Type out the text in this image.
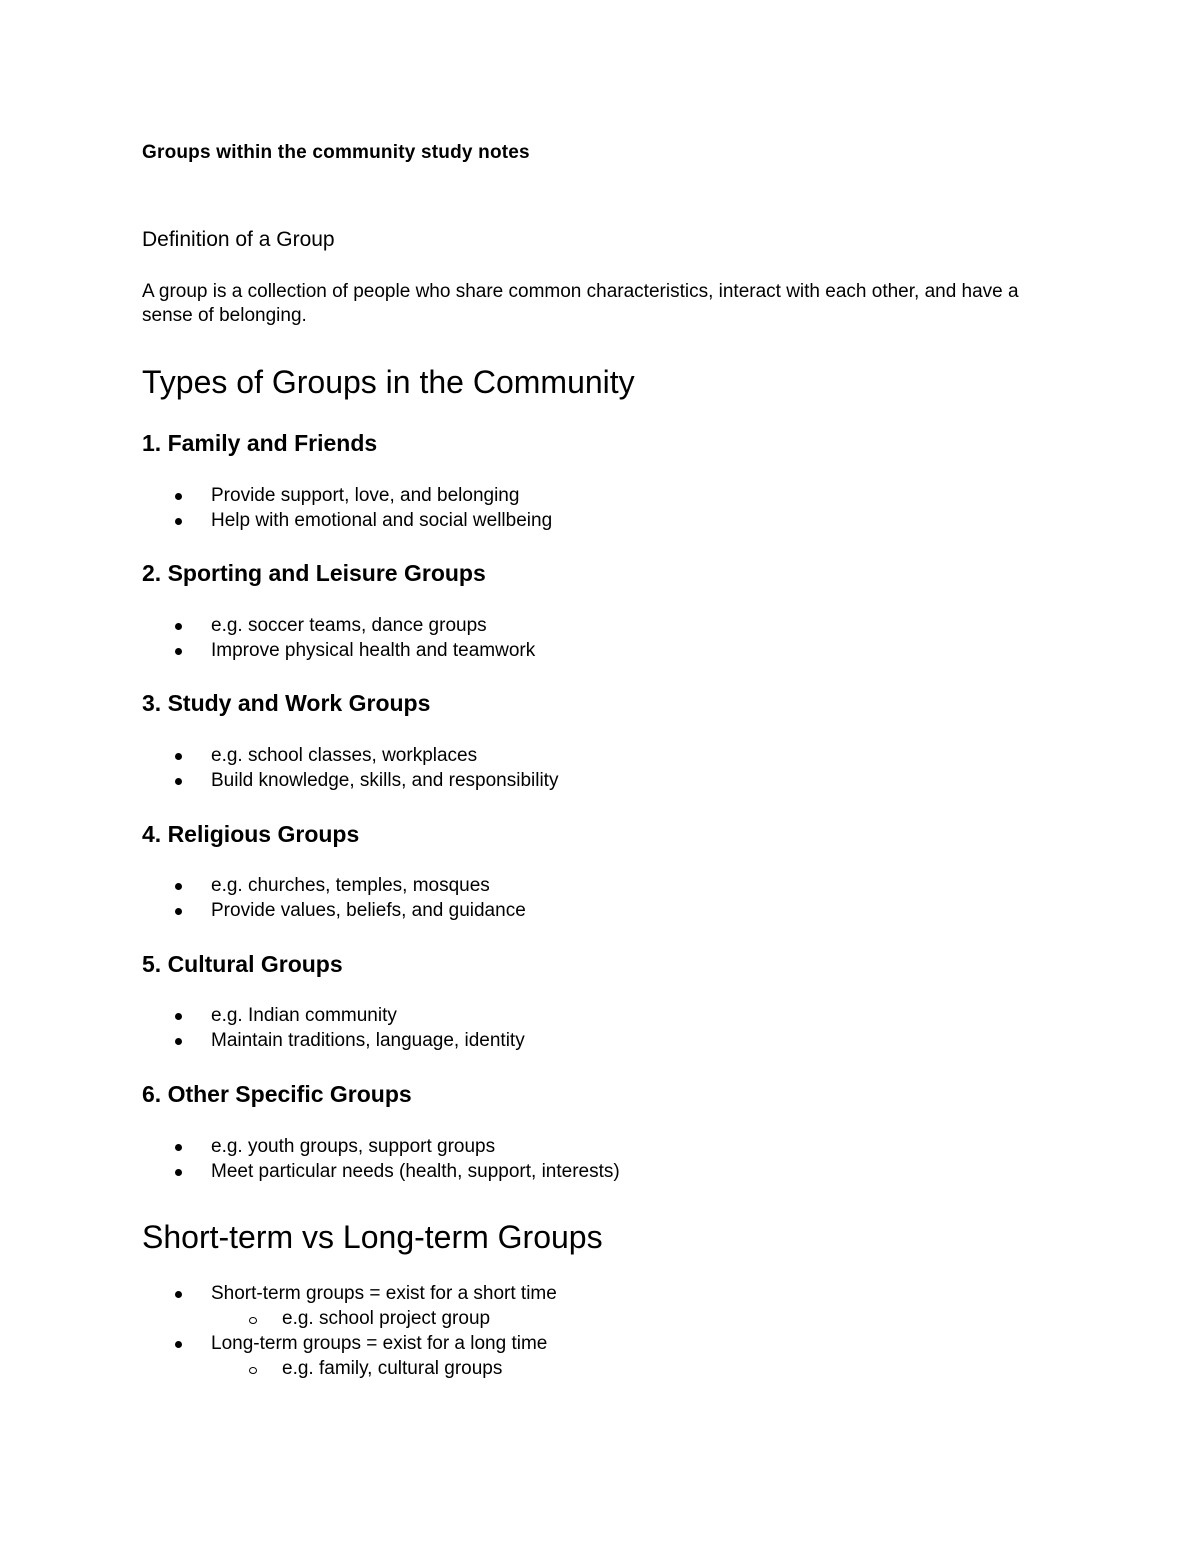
Groups within the community study notes

Definition of a Group

A group is a collection of people who share common characteristics, interact with each other, and have a sense of belonging.

Types of Groups in the Community
1. Family and Friends
Provide support, love, and belonging
Help with emotional and social wellbeing
2. Sporting and Leisure Groups
e.g. soccer teams, dance groups
Improve physical health and teamwork
3. Study and Work Groups
e.g. school classes, workplaces
Build knowledge, skills, and responsibility
4. Religious Groups
e.g. churches, temples, mosques
Provide values, beliefs, and guidance
5. Cultural Groups
e.g. Indian community
Maintain traditions, language, identity
6. Other Specific Groups
e.g. youth groups, support groups
Meet particular needs (health, support, interests)
Short-term vs Long-term Groups
Short-term groups = exist for a short time
e.g. school project group
Long-term groups = exist for a long time
e.g. family, cultural groups
